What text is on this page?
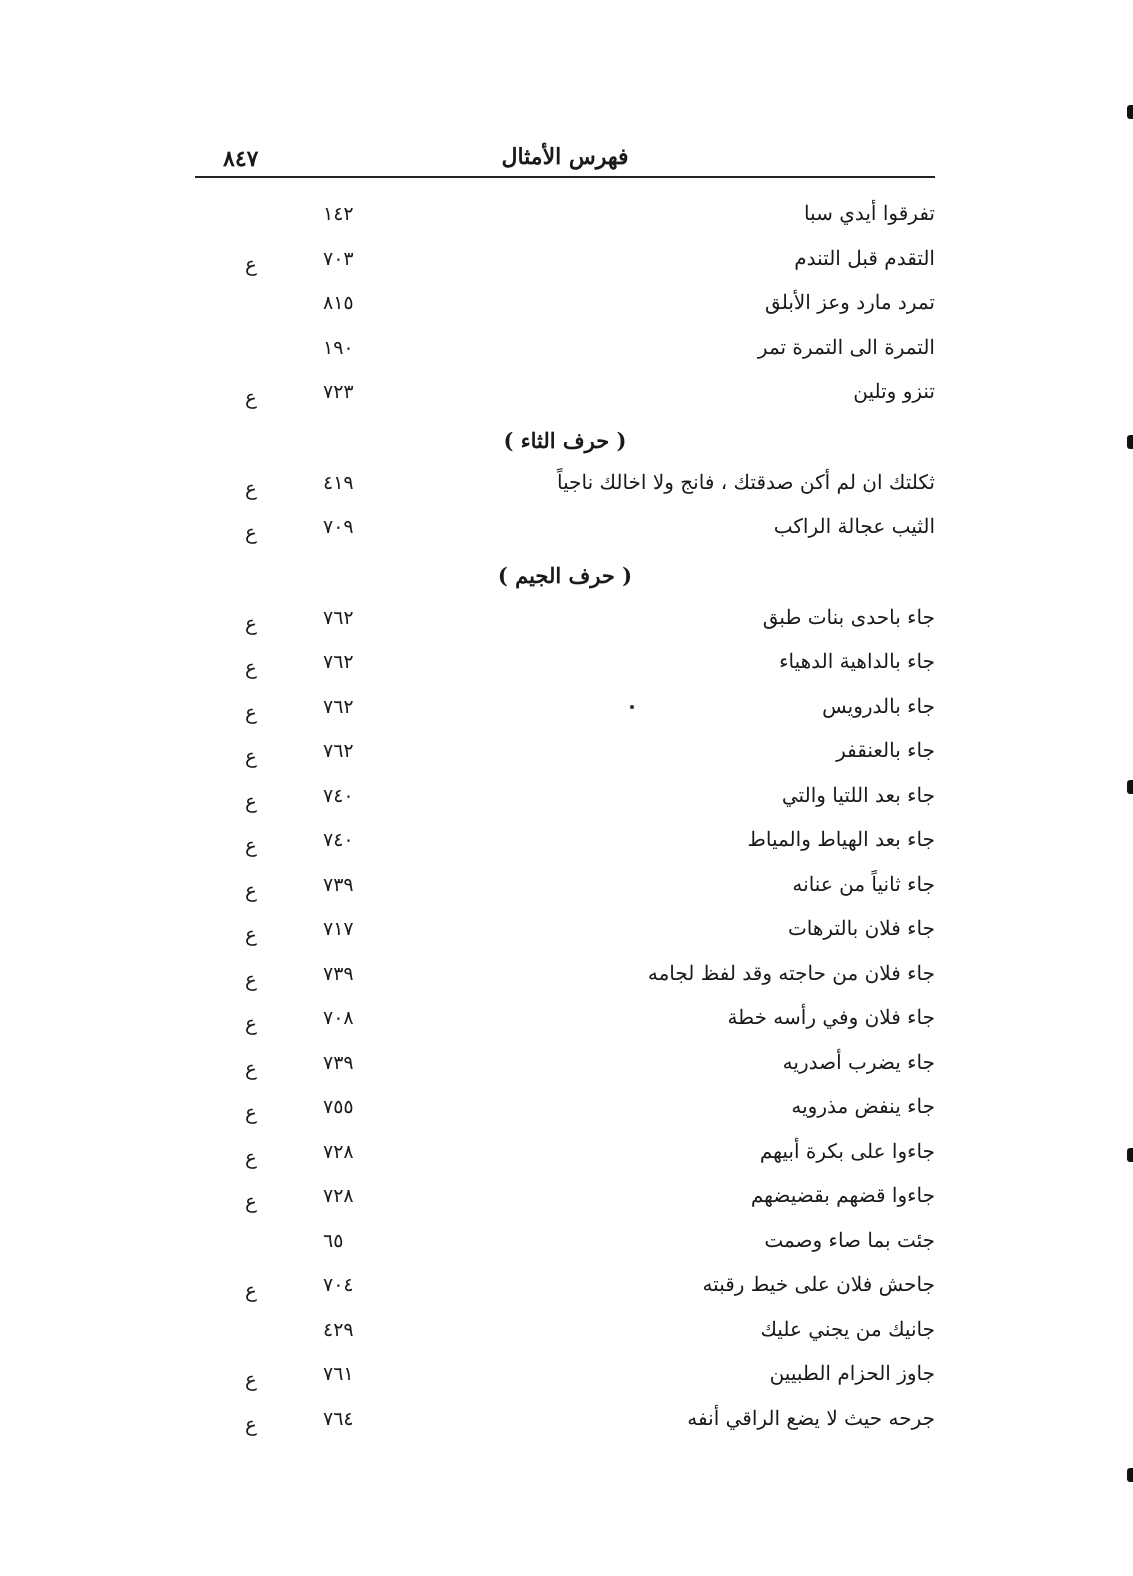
٨٤٧	فهرس الأمثال
تفرقوا أيدي سبا
١٤٢
التقدم قبل التندم
٧٠٣
ع
تمرد مارد وعز الأبلق
٨١٥
التمرة الى التمرة تمر
١٩٠
تنزو وتلين
٧٢٣
ع
( حرف الثاء )
ثكلتك ان لم أكن صدقتك ، فانج ولا اخالك ناجياً
٤١٩
ع
الثيب عجالة الراكب
٧٠٩
ع
( حرف الجيم )
جاء باحدى بنات طبق
٧٦٢
ع
جاء بالداهية الدهياء
٧٦٢
ع
جاء بالدرويس
٧٦٢
ع
جاء بالعنقفر
٧٦٢
ع
جاء بعد اللتيا والتي
٧٤٠
ع
جاء بعد الهياط والمياط
٧٤٠
ع
جاء ثانياً من عنانه
٧٣٩
ع
جاء فلان بالترهات
٧١٧
ع
جاء فلان من حاجته وقد لفظ لجامه
٧٣٩
ع
جاء فلان وفي رأسه خطة
٧٠٨
ع
جاء يضرب أصدريه
٧٣٩
ع
جاء ينفض مذرويه
٧٥٥
ع
جاءوا على بكرة أبيهم
٧٢٨
ع
جاءوا قضهم بقضيضهم
٧٢٨
ع
جئت بما صاء وصمت
٦٥
جاحش فلان على خيط رقبته
٧٠٤
ع
جانيك من يجني عليك
٤٢٩
جاوز الحزام الطبيين
٧٦١
ع
جرحه حيث لا يضع الراقي أنفه
٧٦٤
ع
